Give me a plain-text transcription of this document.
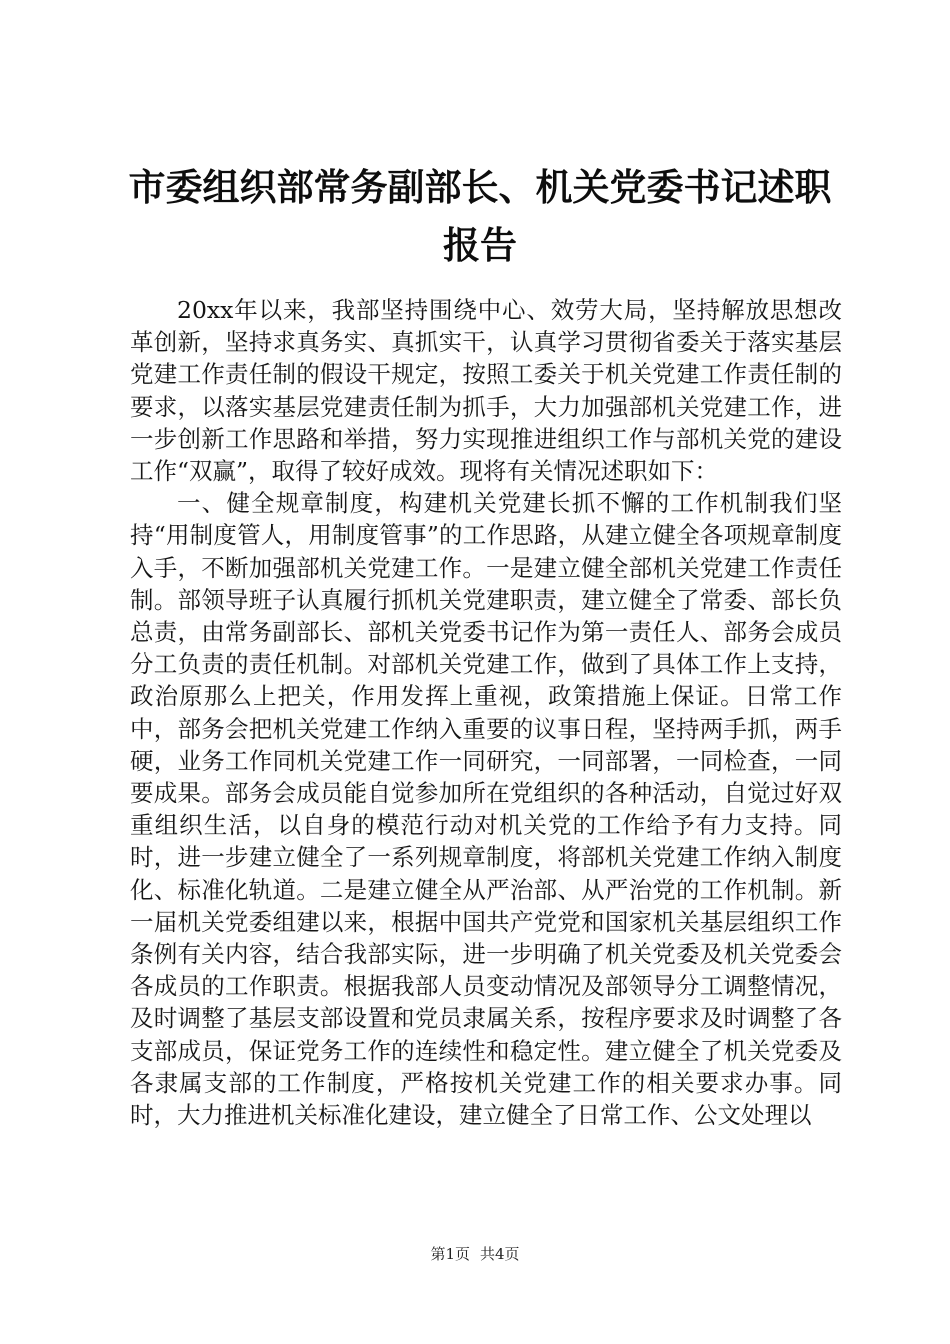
市委组织部常务副部长、机关党委书记述职报告

20xx年以来，我部坚持围绕中心、效劳大局，坚持解放思想改革创新，坚持求真务实、真抓实干，认真学习贯彻省委关于落实基层党建工作责任制的假设干规定，按照工委关于机关党建工作责任制的要求，以落实基层党建责任制为抓手，大力加强部机关党建工作，进一步创新工作思路和举措，努力实现推进组织工作与部机关党的建设工作“双赢”，取得了较好成效。现将有关情况述职如下：

一、健全规章制度，构建机关党建长抓不懈的工作机制我们坚持“用制度管人，用制度管事”的工作思路，从建立健全各项规章制度入手，不断加强部机关党建工作。一是建立健全部机关党建工作责任制。部领导班子认真履行抓机关党建职责，建立健全了常委、部长负总责，由常务副部长、部机关党委书记作为第一责任人、部务会成员分工负责的责任机制。对部机关党建工作，做到了具体工作上支持，政治原那么上把关，作用发挥上重视，政策措施上保证。日常工作中，部务会把机关党建工作纳入重要的议事日程，坚持两手抓，两手硬，业务工作同机关党建工作一同研究，一同部署，一同检查，一同要成果。部务会成员能自觉参加所在党组织的各种活动，自觉过好双重组织生活，以自身的模范行动对机关党的工作给予有力支持。同时，进一步建立健全了一系列规章制度，将部机关党建工作纳入制度化、标准化轨道。二是建立健全从严治部、从严治党的工作机制。新一届机关党委组建以来，根据中国共产党党和国家机关基层组织工作条例有关内容，结合我部实际，进一步明确了机关党委及机关党委会各成员的工作职责。根据我部人员变动情况及部领导分工调整情况，及时调整了基层支部设置和党员隶属关系，按程序要求及时调整了各支部成员，保证党务工作的连续性和稳定性。建立健全了机关党委及各隶属支部的工作制度，严格按机关党建工作的相关要求办事。同时，大力推进机关标准化建设，建立健全了日常工作、公文处理以

第1页 共4页
